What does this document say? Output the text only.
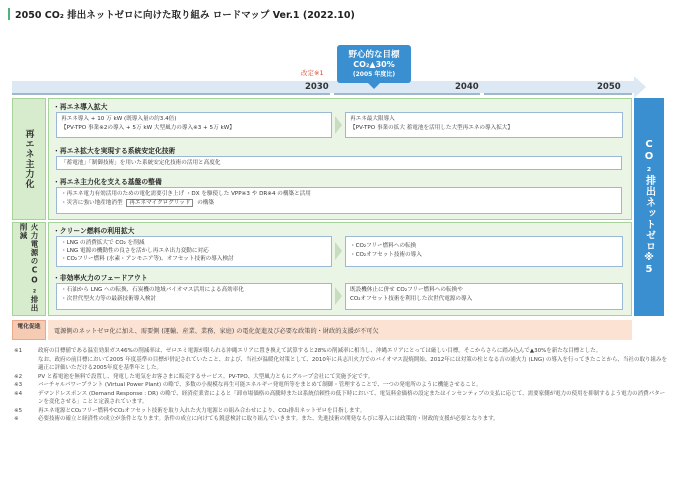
2050 CO₂ 排出ネットゼロに向けた取り組み ロードマップ Ver.1 (2022.10)
2030	2040	2050
改定※1
野心的な目標
CO₂▲30%
(2005 年度比)
再エネ主力化
・再エネ導入拡大
再エネ導入 + 10 万 kW (既導入量の約3.4倍)
【PV-TPO 事業※2の導入 + 5万 kW 大型風力の導入※3 + 5万 kW】
再エネ最大限導入
【PV-TPO 事業の拡大 蓄電池を活用した大型再エネの導入拡大】
・再エネ拡大を実現する系統安定化技術
「蓄電池」「制御技術」を用いた系統安定化技術の活用と高度化
・再エネ主力化を支える基盤の整備
・再エネ電力有効活用のための電化需要引き上げ ・DX を駆使した VPP※3 や DR※4 の構築と活用
・災害に強い地産地消型 再エネマイクログリッド の構築
火力電源のCO₂排出削減	・クリーン燃料の利用拡大
・LNG の消費拡大で CO₂ を削減
・LNG 電源の機動性の良さを活かし再エネ出力変動に対応
・CO₂フリー燃料 (水素・アンモニア等)、オフセット技術の導入検討
・CO₂フリー燃料への転換
・CO₂オフセット技術の導入
・非効率火力のフェードアウト
・石油から LNG への転換、石炭機の地域バイオマス活用による高効率化
・次世代型火力等の最新技術導入検討
既設機休止に併せ CO₂フリー燃料への転換や
CO₂オフセット技術を利用した次世代電源の導入
CO₂排出ネットゼロ※5
電化促進
電源側のネットゼロ化に加え、需要側 (運輸、産業、業務、家庭) の電化促進及び必要な政策的・財政的支援が不可欠
※1	政府の目標値である温室効果ガス46%の削減率は、ゼロエミ電源が限られる沖縄エリアに置き換えて試算すると28%の削減率に相当し、沖縄エリアにとっては厳しい目標。そこからさらに踏み込んで▲30%を新たな目標とした。
なお、政府の前目標において2005 年度基準の目標が併記されていたこと、および、当社が温暖化対策として、2010年に具志川火力でのバイオマス混焼開始、2012年には対策の柱となる吉の浦火力 (LNG) の導入を行ってきたことから、当社の取り組みを適正に評価いただける2005年度を基準年とした。
※2	PV と蓄電池を無料で設置し、発電した電気をお客さまに販売するサービス。PV-TPO、大型風力ともにグループ会社にて実施予定です。
※3	バーチャルパワープラント (Virtual Power Plant) の略で、多数の小規模な再生可能エネルギー発電所等をまとめて制御・管理することで、一つの発電所のように機能させること。
※4	デマンドレスポンス (Demand Response : DR) の略で、経済産業省によると「卸市場価格の高騰時または系統信頼性の低下時において、電気料金価格の設定またはインセンティブの支払に応じて、需要家側が電力の使用を抑制するよう電力の消費パターンを変化させる」ことと定義されています。
※5	再エネ電源とCO₂フリー燃料やCO₂オフセット技術を取り入れた火力電源との組み合わせにより、CO₂排出ネットゼロを目指します。
※	必要技術の確立と経済性の成立が条件となります。条件の成立に向けても鋭意検討に取り組んでいきます。また、先進技術の開発ならびに導入には政策的・財政的支援が必要となります。
